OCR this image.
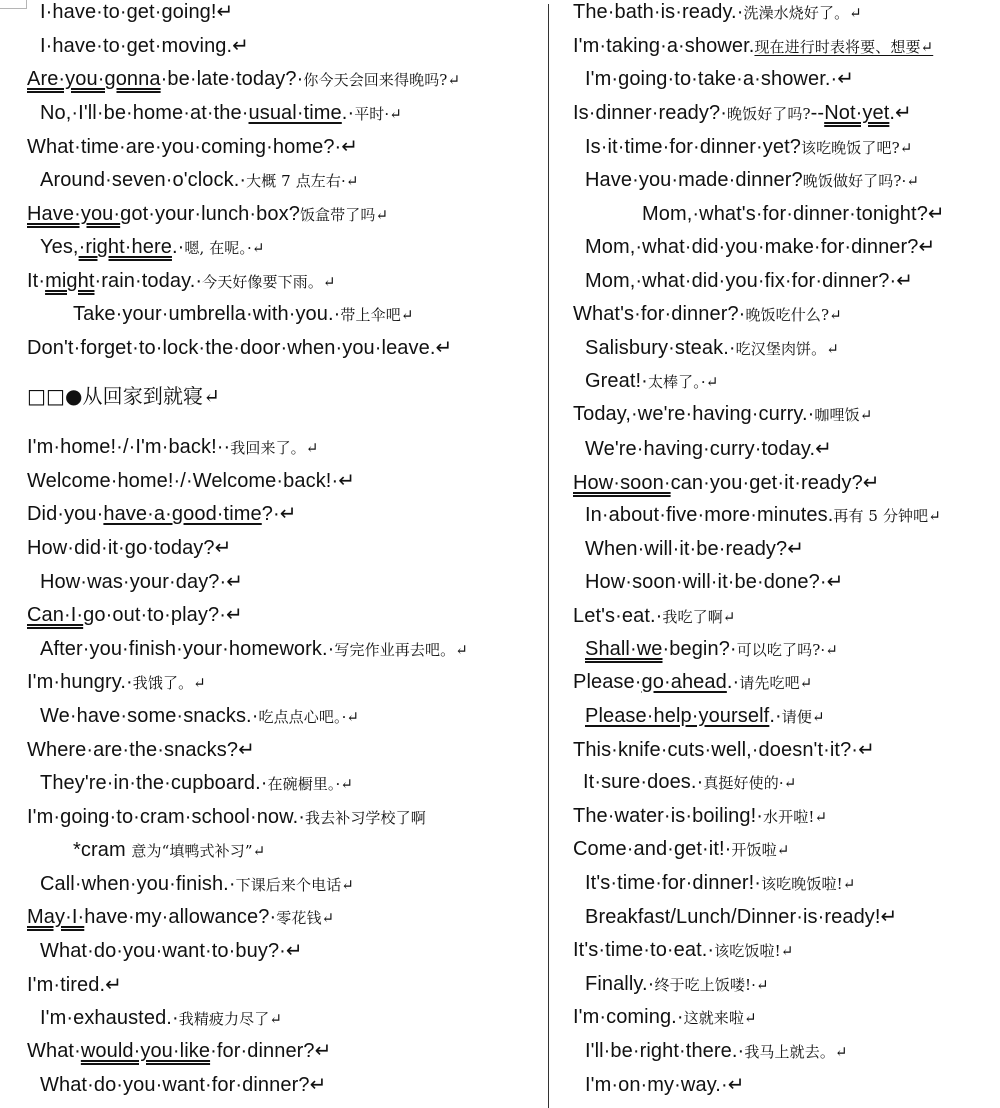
I·have·to·get·going!↵
I·have·to·get·moving.↵
Are·you·gonna·be·late·today?·你今天会回来得晚吗?↵
No,·I'll·be·home·at·the·usual·time.·平时·↵
What·time·are·you·coming·home?·↵
Around·seven·o'clock.·大概 7 点左右·↵
Have·you·got·your·lunch·box?饭盒带了吗↵
Yes,·right·here.·嗯, 在呢。·↵
It·might·rain·today.·今天好像要下雨。↵
Take·your·umbrella·with·you.·带上伞吧↵
Don't·forget·to·lock·the·door·when·you·leave.↵
□□●从回家到就寝↵
I'm·home!·/·I'm·back!··我回来了。↵
Welcome·home!·/·Welcome·back!·↵
Did·you·have·a·good·time?·↵
How·did·it·go·today?↵
How·was·your·day?·↵
Can·I·go·out·to·play?·↵
After·you·finish·your·homework.·写完作业再去吧。↵
I'm·hungry.·我饿了。↵
We·have·some·snacks.·吃点点心吧。·↵
Where·are·the·snacks?↵
They're·in·the·cupboard.·在碗橱里。·↵
I'm·going·to·cram·school·now.·我去补习学校了啊
*cram 意为“填鸭式补习”↵
Call·when·you·finish.·下课后来个电话↵
May·I·have·my·allowance?·零花钱↵
What·do·you·want·to·buy?·↵
I'm·tired.↵
I'm·exhausted.·我精疲力尽了↵
What·would·you·like·for·dinner?↵
What·do·you·want·for·dinner?↵
The·bath·is·ready.·洗澡水烧好了。↵
I'm·taking·a·shower.现在进行时表将要、想要↵
I'm·going·to·take·a·shower.·↵
Is·dinner·ready?·晚饭好了吗?--Not·yet.↵
Is·it·time·for·dinner·yet?该吃晚饭了吧?↵
Have·you·made·dinner?晚饭做好了吗?·↵
Mom,·what's·for·dinner·tonight?↵
Mom,·what·did·you·make·for·dinner?↵
Mom,·what·did·you·fix·for·dinner?·↵
What's·for·dinner?·晚饭吃什么?↵
Salisbury·steak.·吃汉堡肉饼。↵
Great!·太棒了。·↵
Today,·we're·having·curry.·咖哩饭↵
We're·having·curry·today.↵
How·soon·can·you·get·it·ready?↵
In·about·five·more·minutes.再有 5 分钟吧↵
When·will·it·be·ready?↵
How·soon·will·it·be·done?·↵
Let's·eat.·我吃了啊↵
Shall·we·begin?·可以吃了吗?·↵
Please·go·ahead.·请先吃吧↵
Please·help·yourself.·请便↵
This·knife·cuts·well,·doesn't·it?·↵
It·sure·does.·真挺好使的·↵
The·water·is·boiling!·水开啦!↵
Come·and·get·it!·开饭啦↵
It's·time·for·dinner!·该吃晚饭啦!↵
Breakfast/Lunch/Dinner·is·ready!↵
It's·time·to·eat.·该吃饭啦!↵
Finally.·终于吃上饭喽!·↵
I'm·coming.·这就来啦↵
I'll·be·right·there.·我马上就去。↵
I'm·on·my·way.·↵
